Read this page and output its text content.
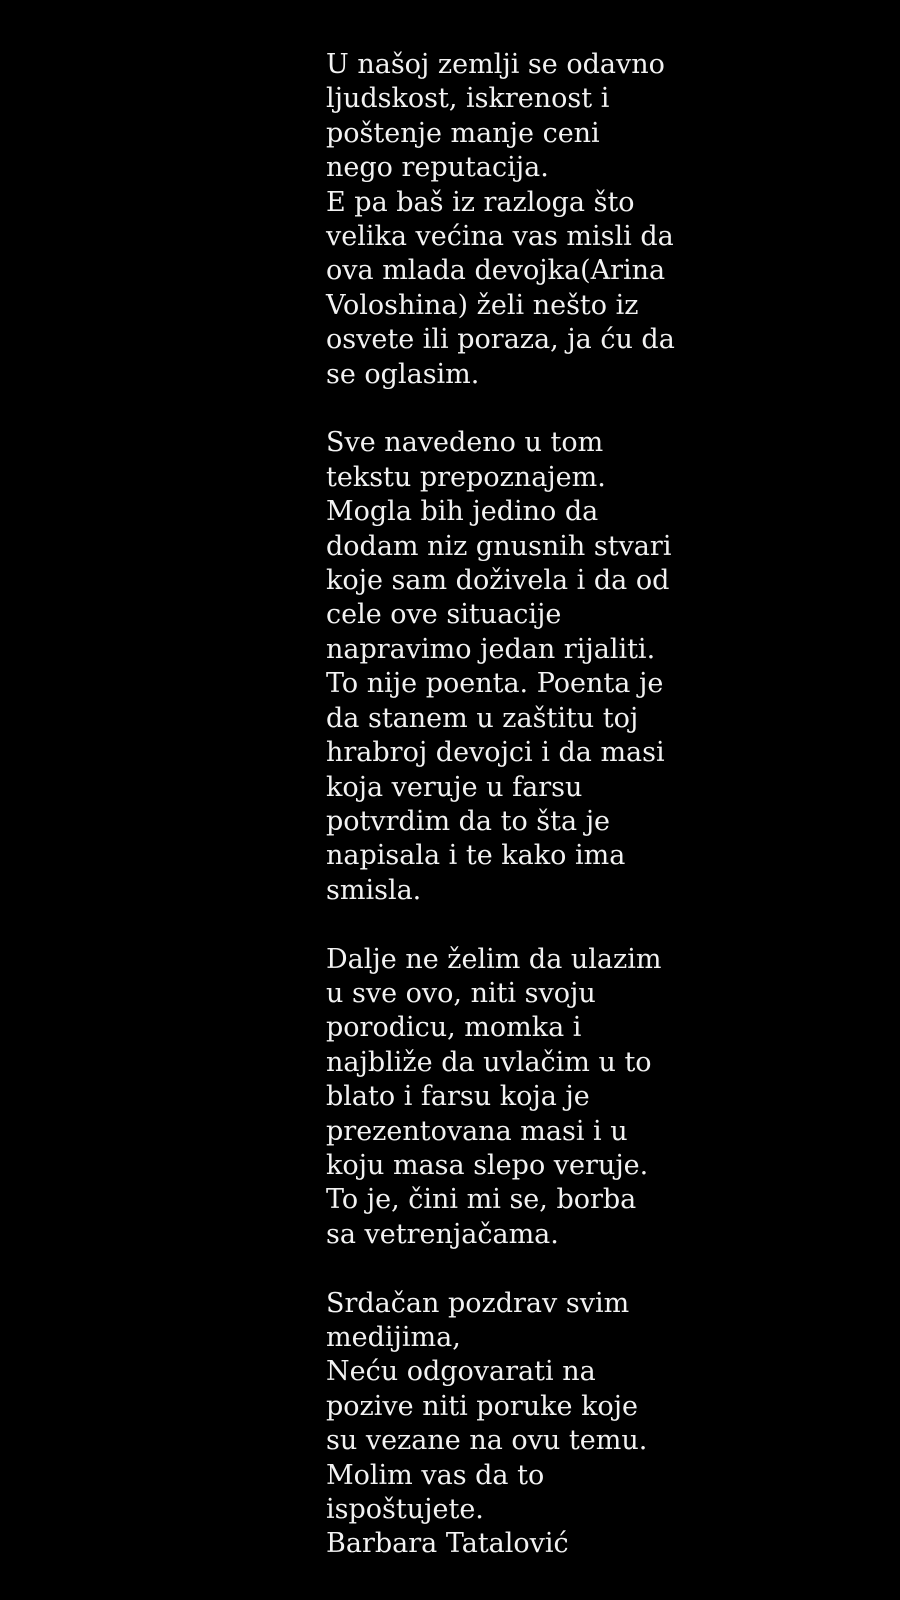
U našoj zemlji se odavno
ljudskost, iskrenost i
poštenje manje ceni
nego reputacija.
E pa baš iz razloga što
velika većina vas misli da
ova mlada devojka(Arina
Voloshina) želi nešto iz
osvete ili poraza, ja ću da
se oglasim.

Sve navedeno u tom
tekstu prepoznajem.
Mogla bih jedino da
dodam niz gnusnih stvari
koje sam doživela i da od
cele ove situacije
napravimo jedan rijaliti.
To nije poenta. Poenta je
da stanem u zaštitu toj
hrabroj devojci i da masi
koja veruje u farsu
potvrdim da to šta je
napisala i te kako ima
smisla.

Dalje ne želim da ulazim
u sve ovo, niti svoju
porodicu, momka i
najbliže da uvlačim u to
blato i farsu koja je
prezentovana masi i u
koju masa slepo veruje.
To je, čini mi se, borba
sa vetrenjačama.

Srdačan pozdrav svim
medijima,
Neću odgovarati na
pozive niti poruke koje
su vezane na ovu temu.
Molim vas da to
ispoštujete.
Barbara Tatalović
